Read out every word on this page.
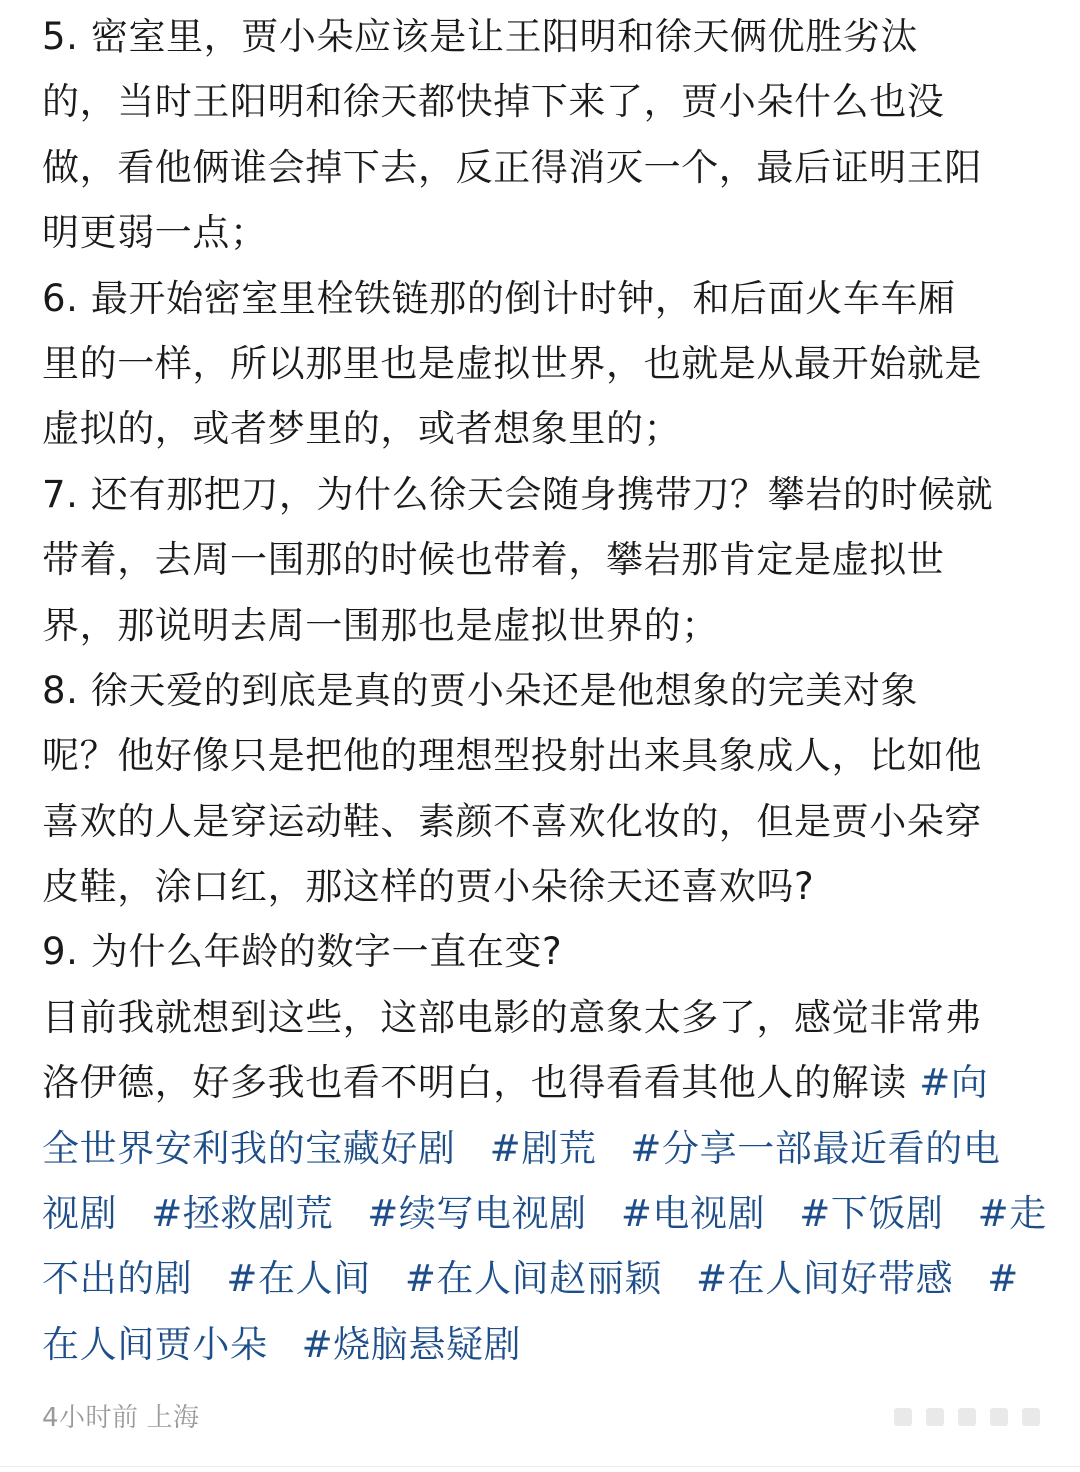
5. 密室里，贾小朵应该是让王阳明和徐天俩优胜劣汰
的，当时王阳明和徐天都快掉下来了，贾小朵什么也没
做，看他俩谁会掉下去，反正得消灭一个，最后证明王阳
明更弱一点；
6. 最开始密室里栓铁链那的倒计时钟，和后面火车车厢
里的一样，所以那里也是虚拟世界，也就是从最开始就是
虚拟的，或者梦里的，或者想象里的；
7. 还有那把刀，为什么徐天会随身携带刀？攀岩的时候就
带着，去周一围那的时候也带着，攀岩那肯定是虚拟世
界，那说明去周一围那也是虚拟世界的；
8. 徐天爱的到底是真的贾小朵还是他想象的完美对象
呢？他好像只是把他的理想型投射出来具象成人，比如他
喜欢的人是穿运动鞋、素颜不喜欢化妆的，但是贾小朵穿
皮鞋，涂口红，那这样的贾小朵徐天还喜欢吗?
9. 为什么年龄的数字一直在变?
目前我就想到这些，这部电影的意象太多了，感觉非常弗
洛伊德，好多我也看不明白，也得看看其他人的解读 #向
全世界安利我的宝藏好剧 #剧荒 #分享一部最近看的电
视剧 #拯救剧荒 #续写电视剧 #电视剧 #下饭剧 #走
不出的剧 #在人间 #在人间赵丽颖 #在人间好带感 #
在人间贾小朵 #烧脑悬疑剧
4小时前 上海
